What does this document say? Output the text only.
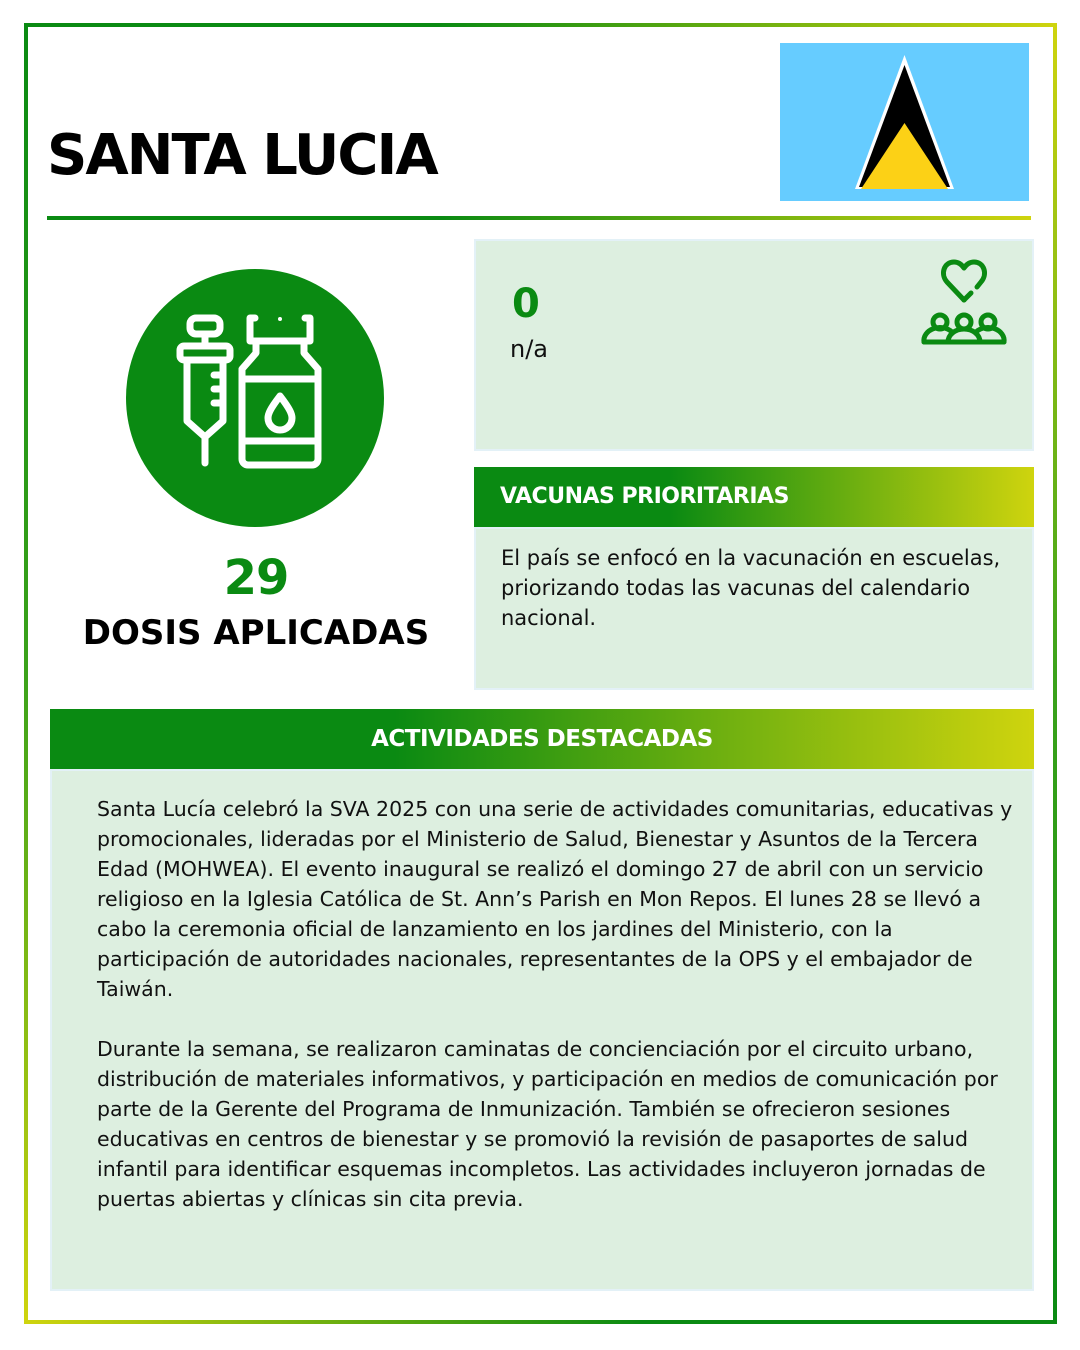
SANTA LUCIA
29
DOSIS APLICADAS
0
n/a
VACUNAS PRIORITARIAS
El país se enfocó en la vacunación en escuelas, priorizando todas las vacunas del calendario nacional.
ACTIVIDADES DESTACADAS

Santa Lucía celebró la SVA 2025 con una serie de actividades comunitarias, educativas y promocionales, lideradas por el Ministerio de Salud, Bienestar y Asuntos de la Tercera Edad (MOHWEA). El evento inaugural se realizó el domingo 27 de abril con un servicio religioso en la Iglesia Católica de St. Ann’s Parish en Mon Repos. El lunes 28 se llevó a cabo la ceremonia oficial de lanzamiento en los jardines del Ministerio, con la participación de autoridades nacionales, representantes de la OPS y el embajador de Taiwán.

Durante la semana, se realizaron caminatas de concienciación por el circuito urbano, distribución de materiales informativos, y participación en medios de comunicación por parte de la Gerente del Programa de Inmunización. También se ofrecieron sesiones educativas en centros de bienestar y se promovió la revisión de pasaportes de salud infantil para identificar esquemas incompletos. Las actividades incluyeron jornadas de puertas abiertas y clínicas sin cita previa.
